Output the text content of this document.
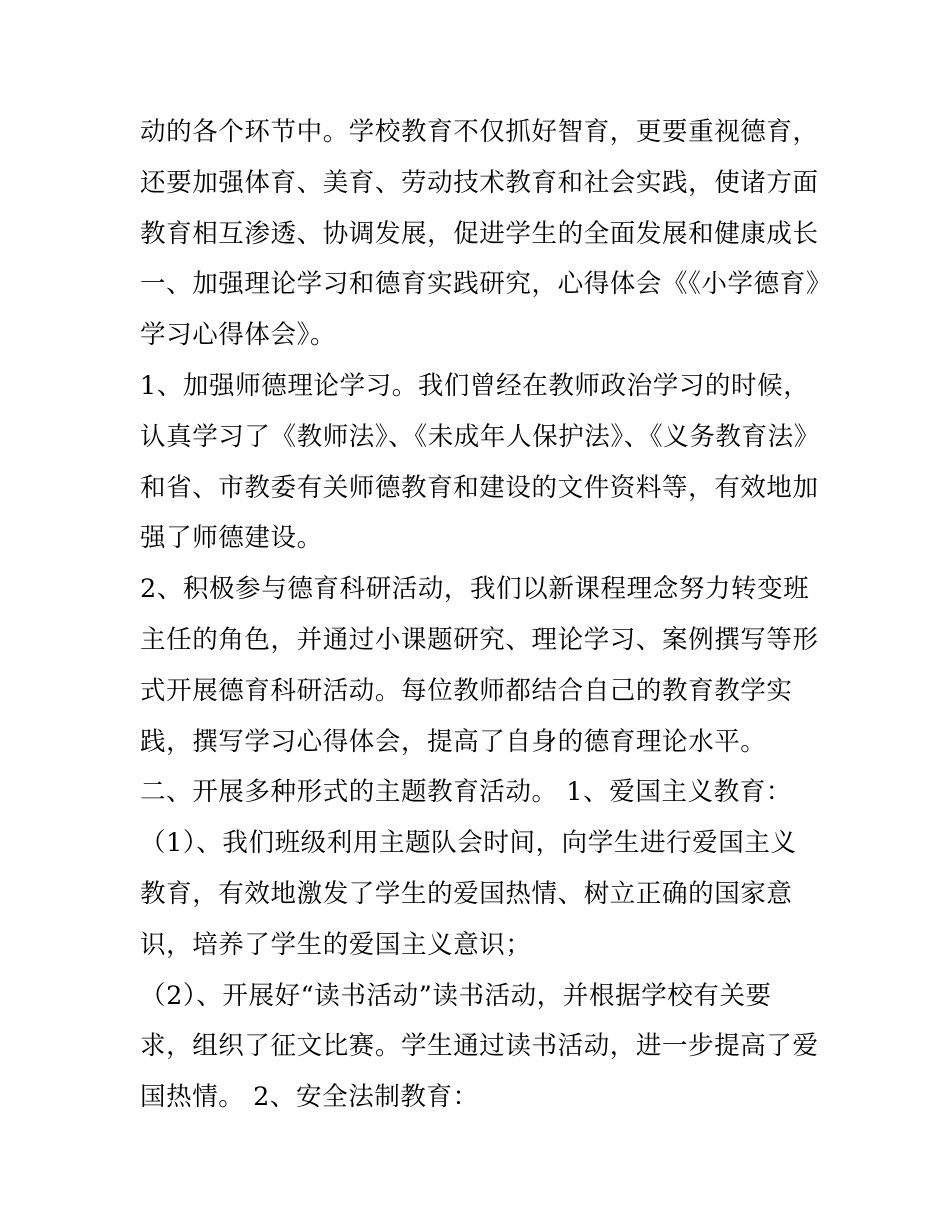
动的各个环节中。学校教育不仅抓好智育，更要重视德育，还要加强体育、美育、劳动技术教育和社会实践，使诸方面教育相互渗透、协调发展，促进学生的全面发展和健康成长

一、加强理论学习和德育实践研究，心得体会《《小学德育》学习心得体会》。

1、加强师德理论学习。我们曾经在教师政治学习的时候，认真学习了《教师法》、《未成年人保护法》、《义务教育法》和省、市教委有关师德教育和建设的文件资料等，有效地加强了师德建设。

2、积极参与德育科研活动，我们以新课程理念努力转变班主任的角色，并通过小课题研究、理论学习、案例撰写等形式开展德育科研活动。每位教师都结合自己的教育教学实践，撰写学习心得体会，提高了自身的德育理论水平。

二、开展多种形式的主题教育活动。 1、爱国主义教育：

（1）、我们班级利用主题队会时间，向学生进行爱国主义教育，有效地激发了学生的爱国热情、树立正确的国家意识，培养了学生的爱国主义意识；

（2）、开展好“读书活动”读书活动，并根据学校有关要求，组织了征文比赛。学生通过读书活动，进一步提高了爱国热情。 2、安全法制教育：
